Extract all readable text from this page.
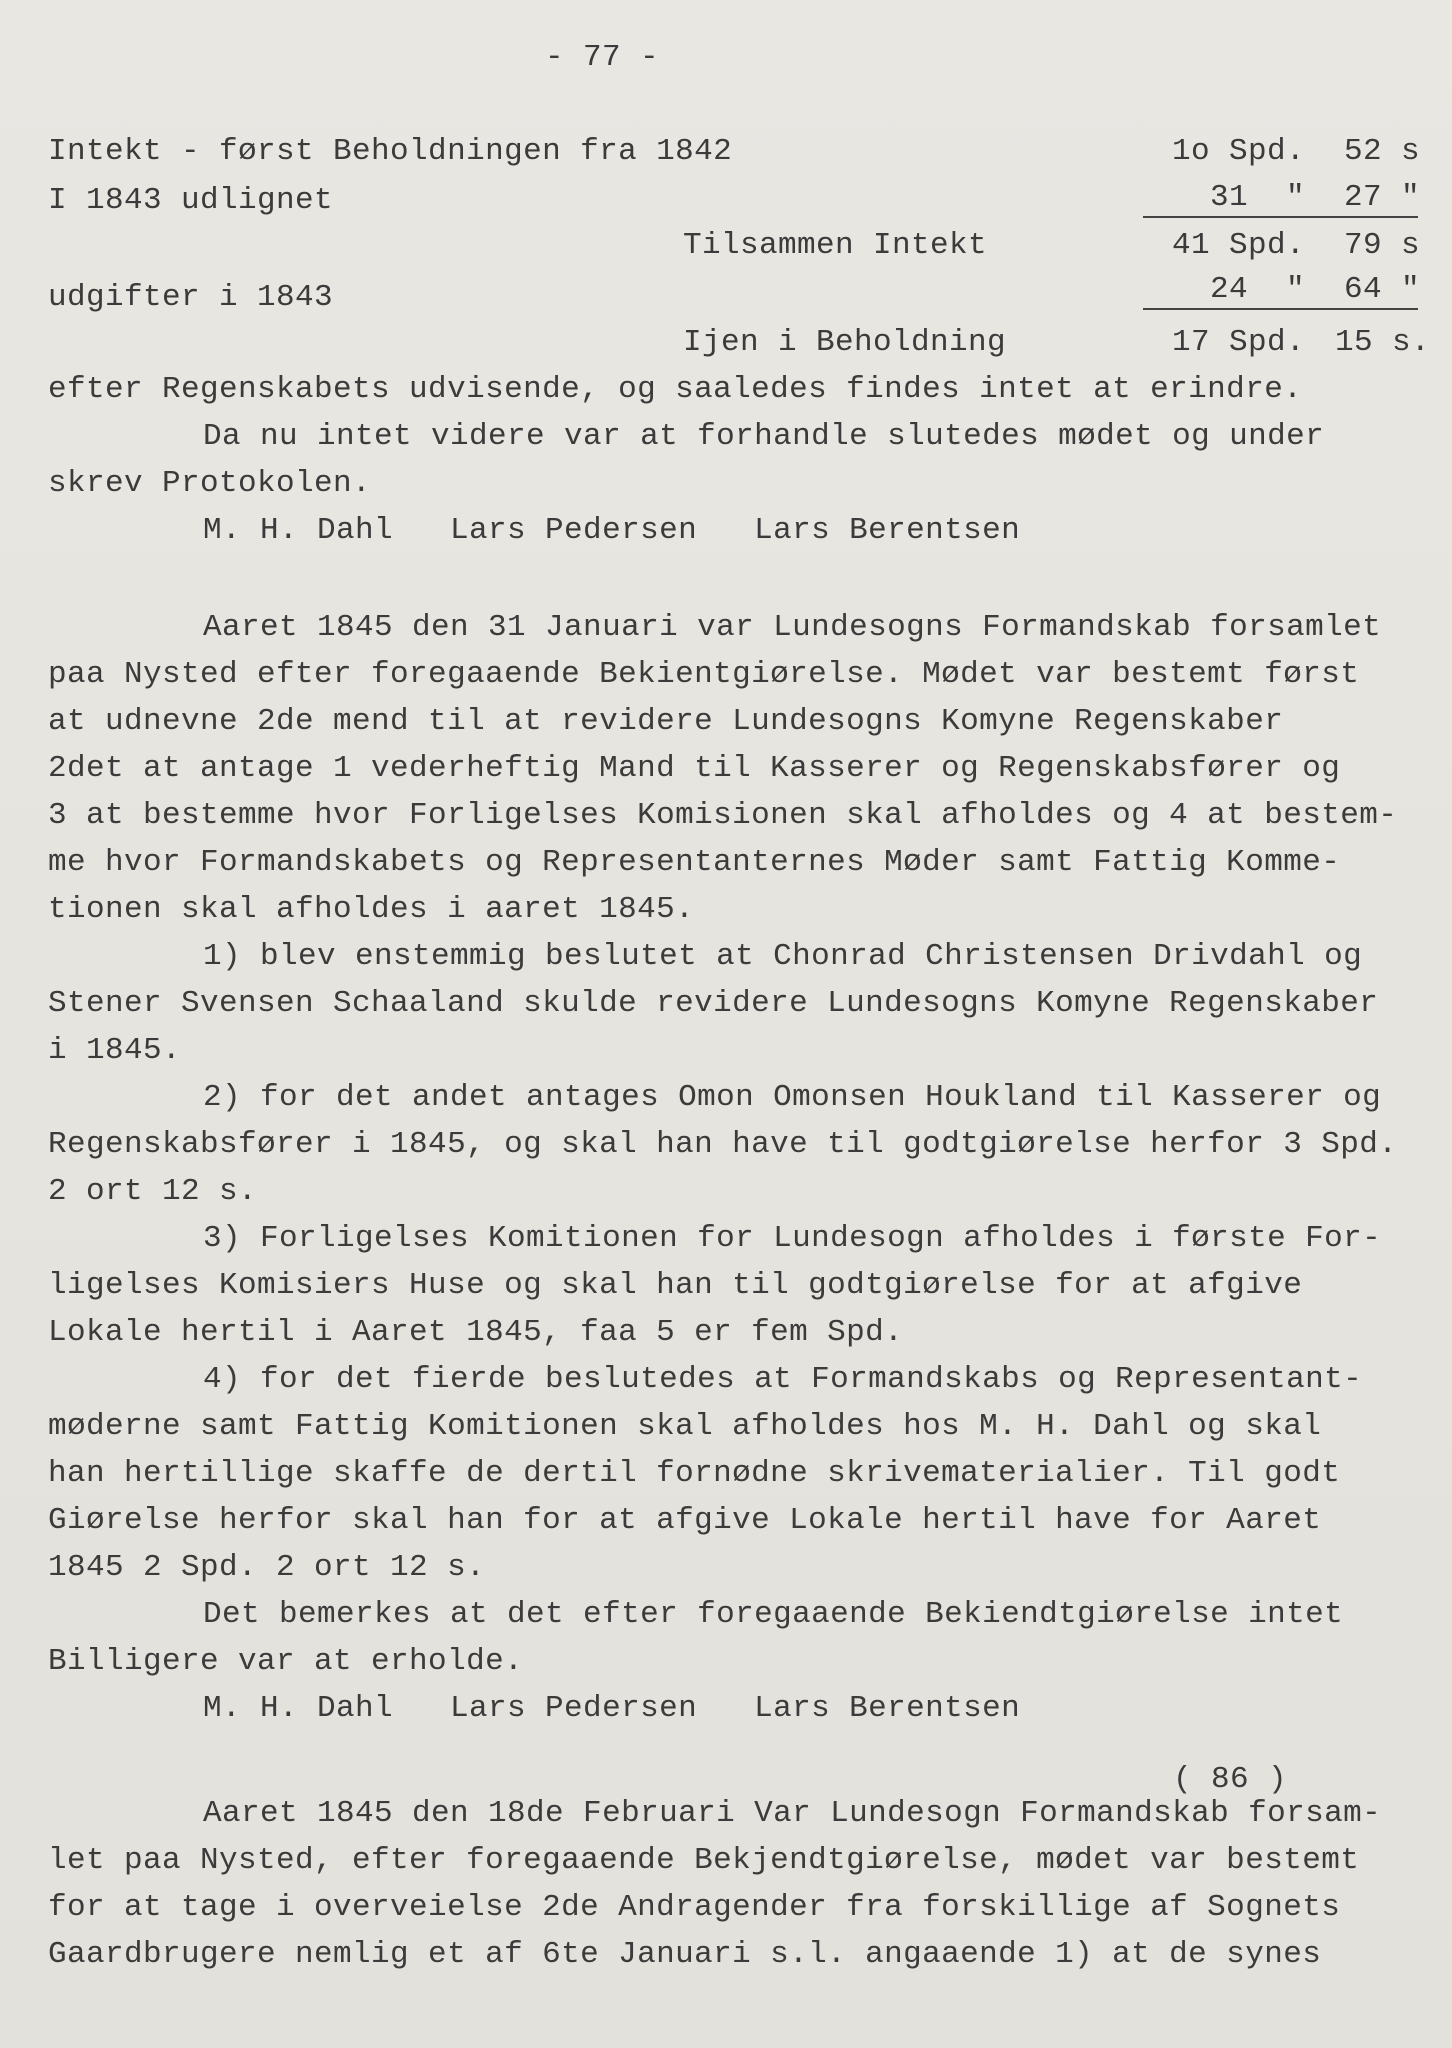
- 77 -
Intekt - først Beholdningen fra 1842	1o Spd.	52 s
I 1843 udlignet	31  "	27 "
Tilsammen Intekt	41 Spd.	79 s
udgifter i 1843	24  "	64 "
Ijen i Beholdning	17 Spd. 15 s.
efter Regenskabets udvisende, og saaledes findes intet at erindre.
Da nu intet videre var at forhandle slutedes mødet og under
skrev Protokolen.
M. H. Dahl   Lars Pedersen   Lars Berentsen
Aaret 1845 den 31 Januari var Lundesogns Formandskab forsamlet
paa Nysted efter foregaaende Bekientgiørelse. Mødet var bestemt først
at udnevne 2de mend til at revidere Lundesogns Komyne Regenskaber
2det at antage 1 vederheftig Mand til Kasserer og Regenskabsfører og
3 at bestemme hvor Forligelses Komisionen skal afholdes og 4 at bestem-
me hvor Formandskabets og Representanternes Møder samt Fattig Komme-
tionen skal afholdes i aaret 1845.
1) blev enstemmig beslutet at Chonrad Christensen Drivdahl og
Stener Svensen Schaaland skulde revidere Lundesogns Komyne Regenskaber
i 1845.
2) for det andet antages Omon Omonsen Houkland til Kasserer og
Regenskabsfører i 1845, og skal han have til godtgiørelse herfor 3 Spd.
2 ort 12 s.
3) Forligelses Komitionen for Lundesogn afholdes i første For-
ligelses Komisiers Huse og skal han til godtgiørelse for at afgive
Lokale hertil i Aaret 1845, faa 5 er fem Spd.
4) for det fierde beslutedes at Formandskabs og Representant-
møderne samt Fattig Komitionen skal afholdes hos M. H. Dahl og skal
han hertillige skaffe de dertil fornødne skrivematerialier. Til godt
Giørelse herfor skal han for at afgive Lokale hertil have for Aaret
1845 2 Spd. 2 ort 12 s.
Det bemerkes at det efter foregaaende Bekiendtgiørelse intet
Billigere var at erholde.
M. H. Dahl   Lars Pedersen   Lars Berentsen
( 86 )
Aaret 1845 den 18de Februari Var Lundesogn Formandskab forsam-
let paa Nysted, efter foregaaende Bekjendtgiørelse, mødet var bestemt
for at tage i overveielse 2de Andragender fra forskillige af Sognets
Gaardbrugere nemlig et af 6te Januari s.l. angaaende 1) at de synes
